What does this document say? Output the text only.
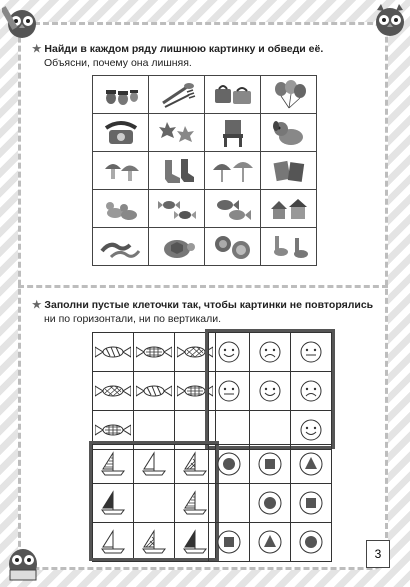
★ Найди в каждом ряду лишнюю картинку и обведи её.
Объясни, почему она лишняя.

★ Заполни пустые клеточки так, чтобы картинки не повторялись
ни по горизонтали, ни по вертикали.

3
